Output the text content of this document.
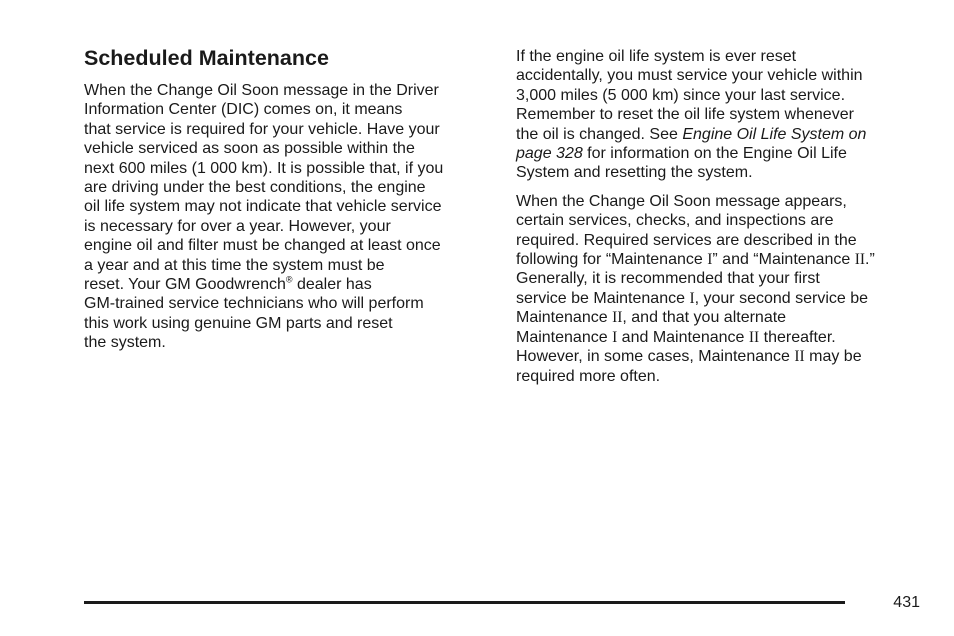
Scheduled Maintenance

When the Change Oil Soon message in the Driver
Information Center (DIC) comes on, it means
that service is required for your vehicle. Have your
vehicle serviced as soon as possible within the
next 600 miles (1 000 km). It is possible that, if you
are driving under the best conditions, the engine
oil life system may not indicate that vehicle service
is necessary for over a year. However, your
engine oil and filter must be changed at least once
a year and at this time the system must be
reset. Your GM Goodwrench® dealer has
GM-trained service technicians who will perform
this work using genuine GM parts and reset
the system.

If the engine oil life system is ever reset
accidentally, you must service your vehicle within
3,000 miles (5 000 km) since your last service.
Remember to reset the oil life system whenever
the oil is changed. See Engine Oil Life System on
page 328 for information on the Engine Oil Life
System and resetting the system.

When the Change Oil Soon message appears,
certain services, checks, and inspections are
required. Required services are described in the
following for “Maintenance I” and “Maintenance II.”
Generally, it is recommended that your first
service be Maintenance I, your second service be
Maintenance II, and that you alternate
Maintenance I and Maintenance II thereafter.
However, in some cases, Maintenance II may be
required more often.

431
